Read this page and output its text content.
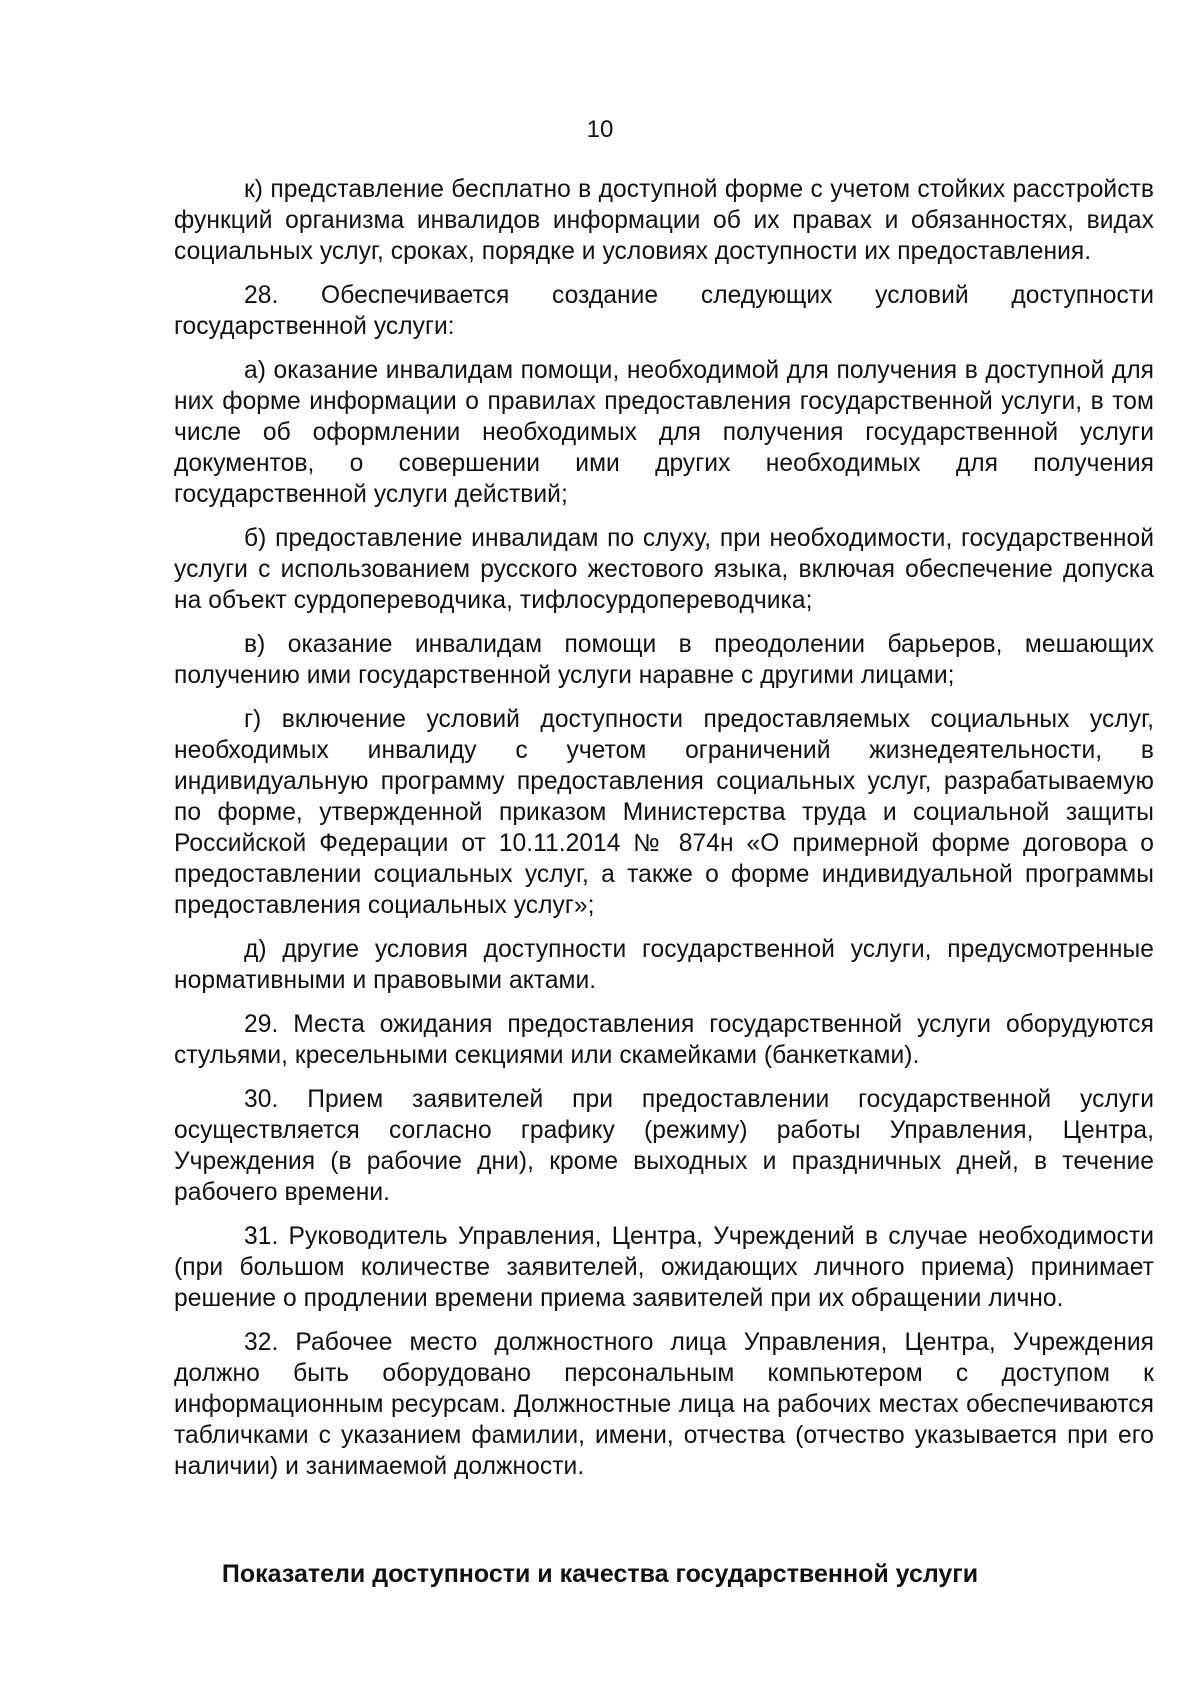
10

к) представление бесплатно в доступной форме с учетом стойких расстройств функций организма инвалидов информации об их правах и обязанностях, видах социальных услуг, сроках, порядке и условиях доступности их предоставления.

28. Обеспечивается создание следующих условий доступности государственной услуги:

а) оказание инвалидам помощи, необходимой для получения в доступной для них форме информации о правилах предоставления государственной услуги, в том числе об оформлении необходимых для получения государственной услуги документов, о совершении ими других необходимых для получения государственной услуги действий;

б) предоставление инвалидам по слуху, при необходимости, государственной услуги с использованием русского жестового языка, включая обеспечение допуска на объект сурдопереводчика, тифлосурдопереводчика;

в) оказание инвалидам помощи в преодолении барьеров, мешающих получению ими государственной услуги наравне с другими лицами;

г) включение условий доступности предоставляемых социальных услуг, необходимых инвалиду с учетом ограничений жизнедеятельности, в индивидуальную программу предоставления социальных услуг, разрабатываемую по форме, утвержденной приказом Министерства труда и социальной защиты Российской Федерации от 10.11.2014 № 874н «О примерной форме договора о предоставлении социальных услуг, а также о форме индивидуальной программы предоставления социальных услуг»;

д) другие условия доступности государственной услуги, предусмотренные нормативными и правовыми актами.

29. Места ожидания предоставления государственной услуги оборудуются стульями, кресельными секциями или скамейками (банкетками).

30. Прием заявителей при предоставлении государственной услуги осуществляется согласно графику (режиму) работы Управления, Центра, Учреждения (в рабочие дни), кроме выходных и праздничных дней, в течение рабочего времени.

31. Руководитель Управления, Центра, Учреждений в случае необходимости (при большом количестве заявителей, ожидающих личного приема) принимает решение о продлении времени приема заявителей при их обращении лично.

32. Рабочее место должностного лица Управления, Центра, Учреждения должно быть оборудовано персональным компьютером с доступом к информационным ресурсам. Должностные лица на рабочих местах обеспечиваются табличками с указанием фамилии, имени, отчества (отчество указывается при его наличии) и занимаемой должности.

Показатели доступности и качества государственной услуги
